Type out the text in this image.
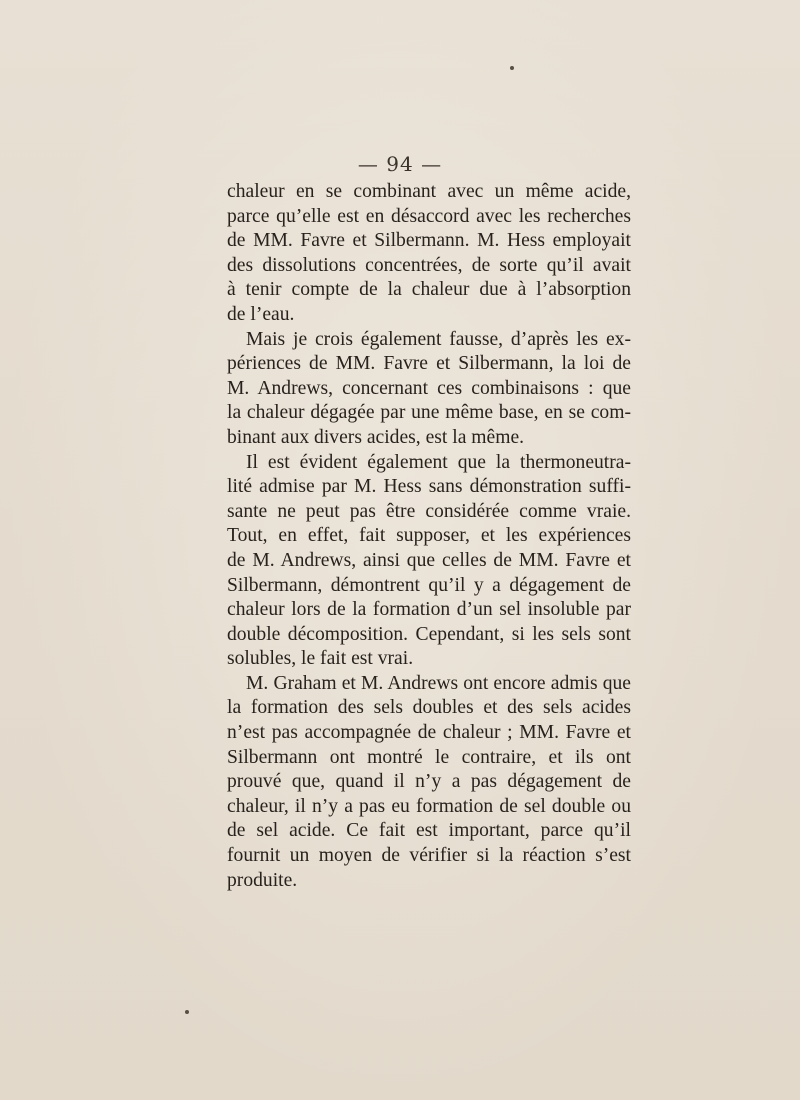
— 94 —
chaleur en se combinant avec un même acide,
parce qu’elle est en désaccord avec les recherches
de MM. Favre et Silbermann. M. Hess employait
des dissolutions concentrées, de sorte qu’il avait
à tenir compte de la chaleur due à l’absorption
de l’eau.
Mais je crois également fausse, d’après les ex-
périences de MM. Favre et Silbermann, la loi de
M. Andrews, concernant ces combinaisons : que
la chaleur dégagée par une même base, en se com-
binant aux divers acides, est la même.
Il est évident également que la thermoneutra-
lité admise par M. Hess sans démonstration suffi-
sante ne peut pas être considérée comme vraie.
Tout, en effet, fait supposer, et les expériences
de M. Andrews, ainsi que celles de MM. Favre et
Silbermann, démontrent qu’il y a dégagement de
chaleur lors de la formation d’un sel insoluble par
double décomposition. Cependant, si les sels sont
solubles, le fait est vrai.
M. Graham et M. Andrews ont encore admis que
la formation des sels doubles et des sels acides
n’est pas accompagnée de chaleur ; MM. Favre et
Silbermann ont montré le contraire, et ils ont
prouvé que, quand il n’y a pas dégagement de
chaleur, il n’y a pas eu formation de sel double ou
de sel acide. Ce fait est important, parce qu’il
fournit un moyen de vérifier si la réaction s’est
produite.
